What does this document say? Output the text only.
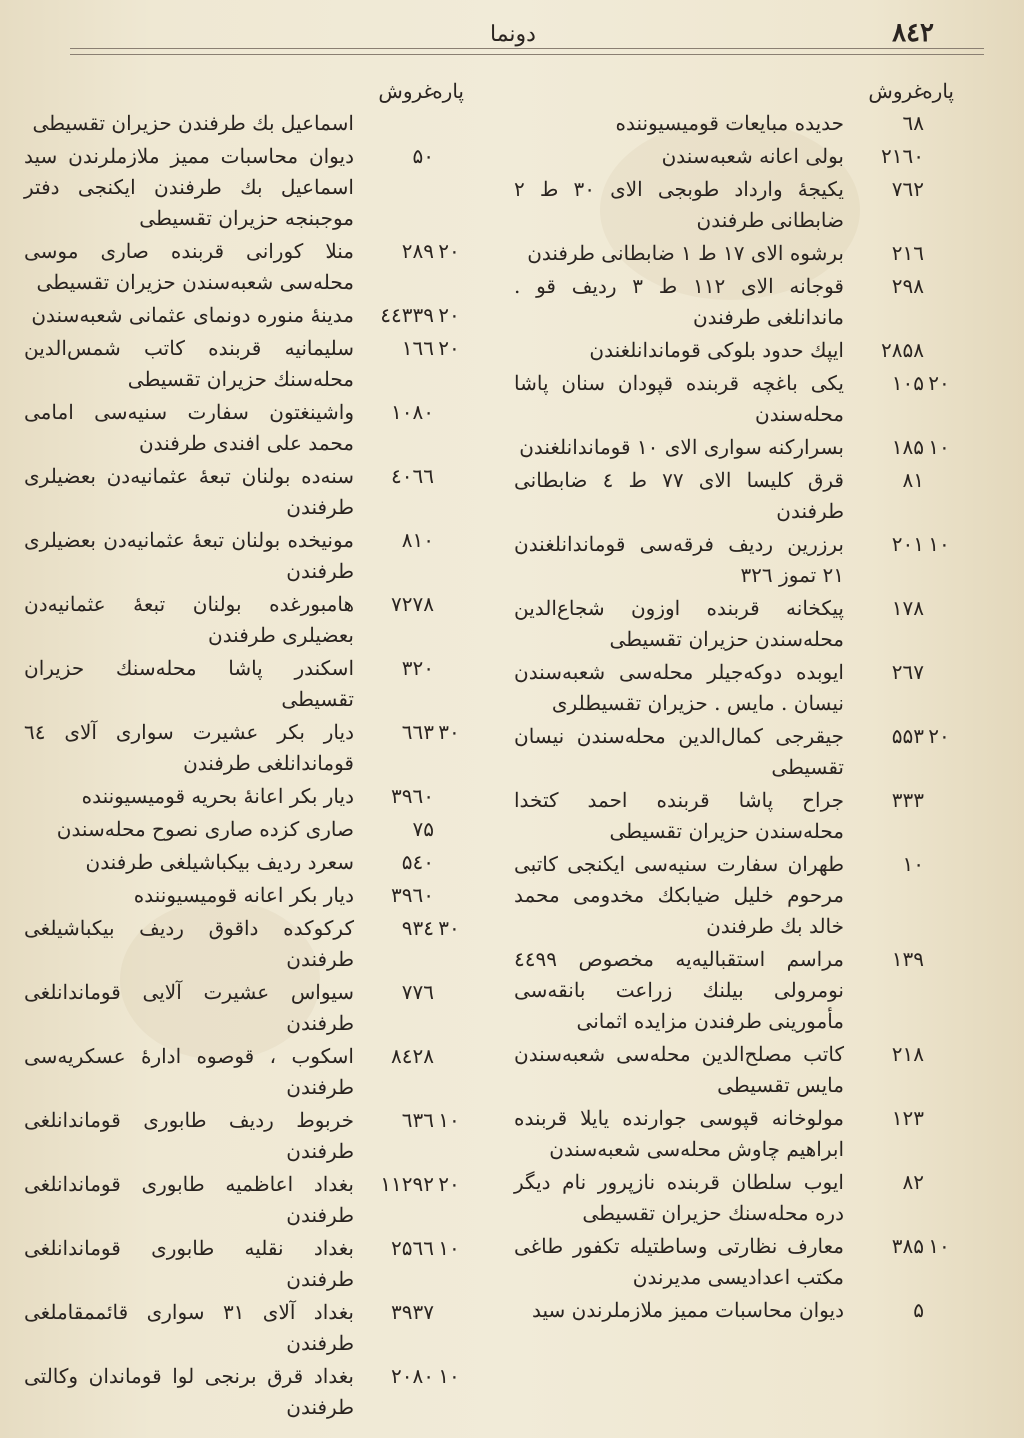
دونما	۸٤۲
پاره
غروش
٦٨
حدیده مبایعات قومیسیوننده
۲۱٦۰
بولی اعانه شعبه‌سندن
۷٦۲
یکیجهٔ وارداد طوبجی الای ۳۰ ط ۲ ضابطانی طرفندن
۲۱٦
برشوه الای ۱۷ ط ۱ ضابطانی طرفندن
۲۹۸
قوجانه الای ۱۱۲ ط ۳ ردیف قو . ماندانلغی طرفندن
۲۸۵۸
ایپك حدود بلوکی قوماندانلغندن
۲۰
۱۰۵
یکی باغچه قربنده قپودان سنان پاشا محله‌سندن
۱۰
۱۸۵
بسرارکنه سواری الای ۱۰ قوماندانلغندن
۸۱
قرق کلیسا الای ۷۷ ط ٤ ضابطانی طرفندن
۱۰
۲۰۱
برزرین ردیف فرقه‌سی قوماندانلغندن ۲۱ تموز ۳۲٦
۱۷۸
پیکخانه قربنده اوزون شجاع‌الدین محله‌سندن حزیران تقسیطی
۲٦۷
ایوبده دوکه‌جیلر محله‌سی شعبه‌سندن نیسان . مایس . حزیران تقسیطلری
۲۰
۵۵۳
جیقرجی کمال‌الدین محله‌سندن نیسان تقسیطی
۳۳۳
جراح پاشا قربنده احمد کتخدا محله‌سندن حزیران تقسیطی
۱۰
طهران سفارت سنیه‌سی ایکنجی کاتبی مرحوم خلیل ضیابکك مخدومی محمد خالد بك طرفندن
۱۳۹
مراسم استقبالیه‌یه مخصوص ٤٤۹۹ نومرولی بیلنك زراعت بانقه‌سی مأمورینی طرفندن مزایده اثمانی
۲۱۸
کاتب مصلح‌الدین محله‌سی شعبه‌سندن مایس تقسیطی
۱۲۳
مولوخانه قپوسی جوارنده یایلا قربنده ابراهیم چاوش محله‌سی شعبه‌سندن
۸۲
ایوب سلطان قربنده نازپرور نام دیگر دره محله‌سنك حزیران تقسیطی
۱۰
۳۸۵
معارف نظارتی وساطتیله تکفور طاغی مکتب اعدادیسی مدیرندن
۵
دیوان محاسبات ممیز ملازملرندن سید
پاره
غروش
اسماعیل بك طرفندن حزیران تقسیطی
۵۰
دیوان محاسبات ممیز ملازملرندن سید اسماعیل بك طرفندن ایکنجی دفتر موجبنجه حزیران تقسیطی
۲۰
۲۸۹
منلا کورانی قربنده صاری موسی محله‌سی شعبه‌سندن حزیران تقسیطی
۲۰
٤٤۳۳۹
مدینهٔ منوره دونمای عثمانی شعبه‌سندن
۲۰
۱٦٦
سلیمانیه قربنده کاتب شمس‌الدین محله‌سنك حزیران تقسیطی
۱۰۸۰
واشینغتون سفارت سنیه‌سی امامی محمد علی افندی طرفندن
٤۰٦٦
سنه‌ده بولنان تبعهٔ عثمانیه‌دن بعضیلری طرفندن
۸۱۰
مونیخده بولنان تبعهٔ عثمانیه‌دن بعضیلری طرفندن
۷۲۷۸
هامبورغده بولنان تبعهٔ عثمانیه‌دن بعضیلری طرفندن
۳۲۰
اسکندر پاشا محله‌سنك حزیران تقسیطی
۳۰
٦٦۳
دیار بکر عشیرت سواری آلای ٦٤ قوماندانلغی طرفندن
۳۹٦۰
دیار بکر اعانهٔ بحریه قومیسیوننده
۷۵
صاری کزده صاری نصوح محله‌سندن
۵٤۰
سعرد ردیف بیکباشیلغی طرفندن
۳۹٦۰
دیار بکر اعانه قومیسیوننده
۳۰
۹۳٤
کرکوکده داقوق ردیف بیکباشیلغی طرفندن
۷۷٦
سیواس عشیرت آلایی قوماندانلغی طرفندن
۸٤۲۸
اسکوب ، قوصوه ادارهٔ عسکریه‌سی طرفندن
۱۰
٦۳٦
خربوط ردیف طابوری قوماندانلغی طرفندن
۲۰
۱۱۲۹۲
بغداد اعاظمیه طابوری قوماندانلغی طرفندن
۱۰
۲۵٦٦
بغداد نقلیه طابوری قوماندانلغی طرفندن
۳۹۳۷
بغداد آلای ۳۱ سواری قائممقاملغی طرفندن
۱۰
۲۰۸۰
بغداد قرق برنجی لوا قوماندان وکالتی طرفندن
